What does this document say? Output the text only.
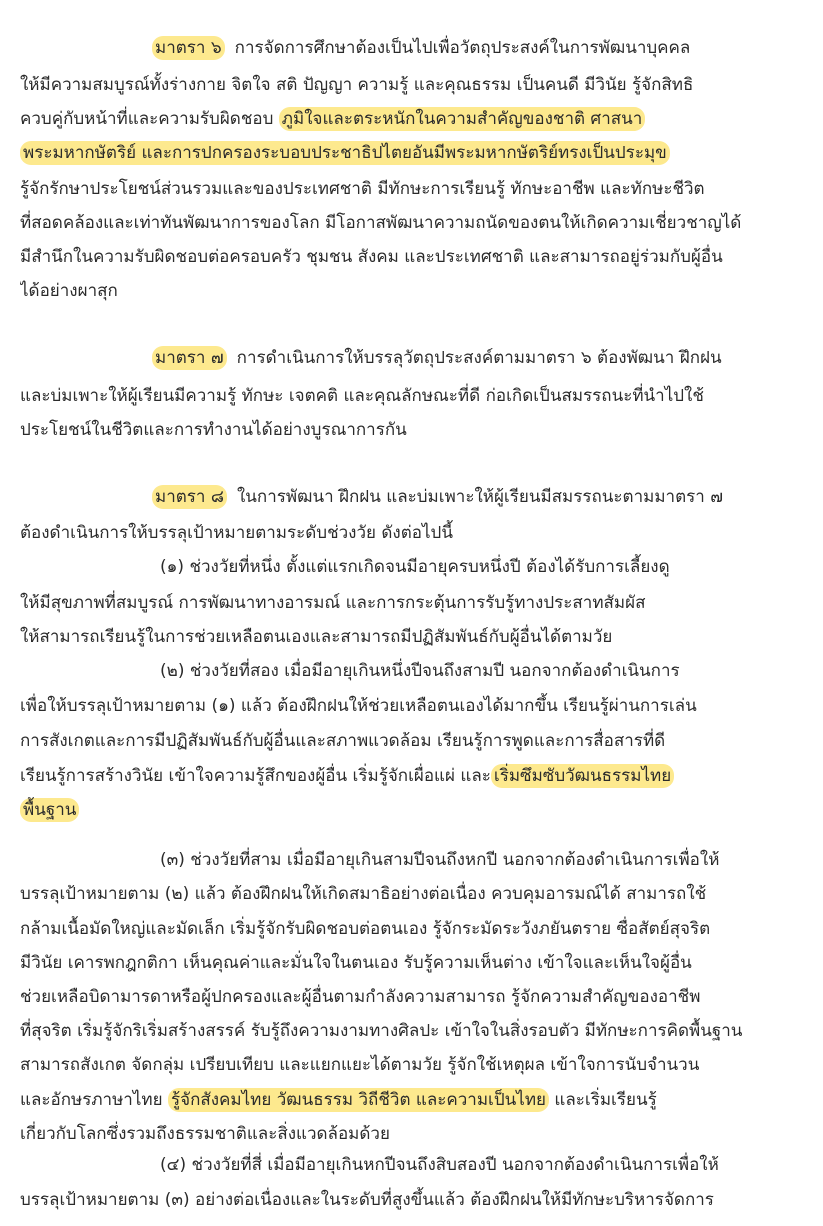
มาตรา ๖ การจัดการศึกษาต้องเป็นไปเพื่อวัตถุประสงค์ในการพัฒนาบุคคล
ให้มีความสมบูรณ์ทั้งร่างกาย จิตใจ สติ ปัญญา ความรู้ และคุณธรรม เป็นคนดี มีวินัย รู้จักสิทธิ
ควบคู่กับหน้าที่และความรับผิดชอบ ภูมิใจและตระหนักในความสำคัญของชาติ ศาสนา
พระมหากษัตริย์ และการปกครองระบอบประชาธิปไตยอันมีพระมหากษัตริย์ทรงเป็นประมุข
รู้จักรักษาประโยชน์ส่วนรวมและของประเทศชาติ มีทักษะการเรียนรู้ ทักษะอาชีพ และทักษะชีวิต
ที่สอดคล้องและเท่าทันพัฒนาการของโลก มีโอกาสพัฒนาความถนัดของตนให้เกิดความเชี่ยวชาญได้
มีสำนึกในความรับผิดชอบต่อครอบครัว ชุมชน สังคม และประเทศชาติ และสามารถอยู่ร่วมกับผู้อื่น
ได้อย่างผาสุก
มาตรา ๗ การดำเนินการให้บรรลุวัตถุประสงค์ตามมาตรา ๖ ต้องพัฒนา ฝึกฝน
และบ่มเพาะให้ผู้เรียนมีความรู้ ทักษะ เจตคติ และคุณลักษณะที่ดี ก่อเกิดเป็นสมรรถนะที่นำไปใช้
ประโยชน์ในชีวิตและการทำงานได้อย่างบูรณาการกัน
มาตรา ๘ ในการพัฒนา ฝึกฝน และบ่มเพาะให้ผู้เรียนมีสมรรถนะตามมาตรา ๗
ต้องดำเนินการให้บรรลุเป้าหมายตามระดับช่วงวัย ดังต่อไปนี้
(๑) ช่วงวัยที่หนึ่ง ตั้งแต่แรกเกิดจนมีอายุครบหนึ่งปี ต้องได้รับการเลี้ยงดู
ให้มีสุขภาพที่สมบูรณ์ การพัฒนาทางอารมณ์ และการกระตุ้นการรับรู้ทางประสาทสัมผัส
ให้สามารถเรียนรู้ในการช่วยเหลือตนเองและสามารถมีปฏิสัมพันธ์กับผู้อื่นได้ตามวัย
(๒) ช่วงวัยที่สอง เมื่อมีอายุเกินหนึ่งปีจนถึงสามปี นอกจากต้องดำเนินการ
เพื่อให้บรรลุเป้าหมายตาม (๑) แล้ว ต้องฝึกฝนให้ช่วยเหลือตนเองได้มากขึ้น เรียนรู้ผ่านการเล่น
การสังเกตและการมีปฏิสัมพันธ์กับผู้อื่นและสภาพแวดล้อม เรียนรู้การพูดและการสื่อสารที่ดี
เรียนรู้การสร้างวินัย เข้าใจความรู้สึกของผู้อื่น เริ่มรู้จักเผื่อแผ่ และ เริ่มซึมซับวัฒนธรรมไทย
พื้นฐาน
(๓) ช่วงวัยที่สาม เมื่อมีอายุเกินสามปีจนถึงหกปี นอกจากต้องดำเนินการเพื่อให้
บรรลุเป้าหมายตาม (๒) แล้ว ต้องฝึกฝนให้เกิดสมาธิอย่างต่อเนื่อง ควบคุมอารมณ์ได้ สามารถใช้
กล้ามเนื้อมัดใหญ่และมัดเล็ก เริ่มรู้จักรับผิดชอบต่อตนเอง รู้จักระมัดระวังภยันตราย ซื่อสัตย์สุจริต
มีวินัย เคารพกฎกติกา เห็นคุณค่าและมั่นใจในตนเอง รับรู้ความเห็นต่าง เข้าใจและเห็นใจผู้อื่น
ช่วยเหลือบิดามารดาหรือผู้ปกครองและผู้อื่นตามกำลังความสามารถ รู้จักความสำคัญของอาชีพ
ที่สุจริต เริ่มรู้จักริเริ่มสร้างสรรค์ รับรู้ถึงความงามทางศิลปะ เข้าใจในสิ่งรอบตัว มีทักษะการคิดพื้นฐาน
สามารถสังเกต จัดกลุ่ม เปรียบเทียบ และแยกแยะได้ตามวัย รู้จักใช้เหตุผล เข้าใจการนับจำนวน
และอักษรภาษาไทย รู้จักสังคมไทย วัฒนธรรม วิถีชีวิต และความเป็นไทย และเริ่มเรียนรู้
เกี่ยวกับโลกซึ่งรวมถึงธรรมชาติและสิ่งแวดล้อมด้วย
(๔) ช่วงวัยที่สี่ เมื่อมีอายุเกินหกปีจนถึงสิบสองปี นอกจากต้องดำเนินการเพื่อให้
บรรลุเป้าหมายตาม (๓) อย่างต่อเนื่องและในระดับที่สูงขึ้นแล้ว ต้องฝึกฝนให้มีทักษะบริหารจัดการ
